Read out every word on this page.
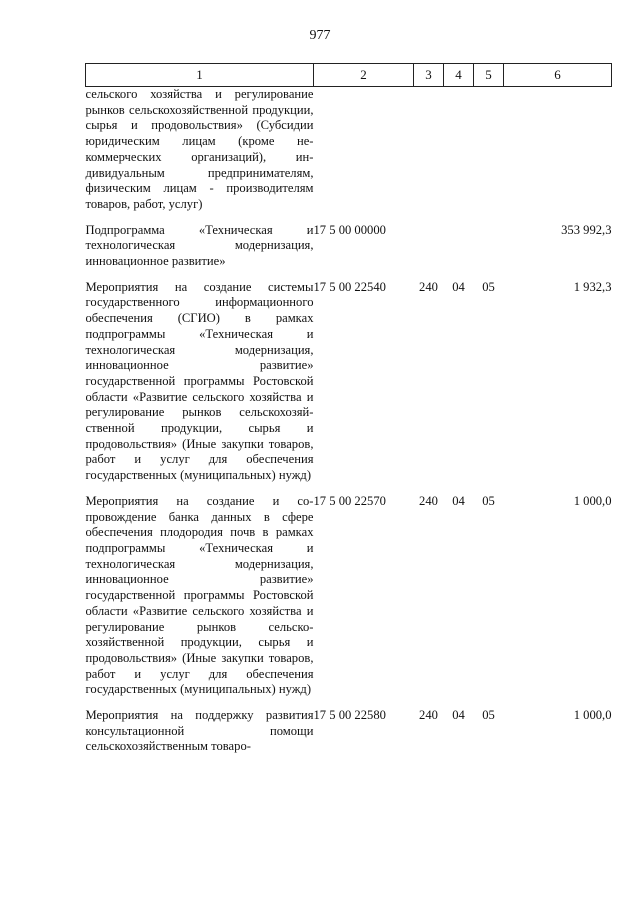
977
1	2	3	4	5	6
сельского хозяйства и регулирование рынков сельскохозяйственной продукции, сырья и продовольствия» (Субсидии юридическим лицам (кроме некоммерческих организаций), индивидуальным предпринимателям, физическим лицам - производителям товаров, работ, услуг)					

Подпрограмма «Техническая и технологическая модернизация, инновационное развитие»	17 5 00 00000				353 992,3

Мероприятия на создание системы государственного информационного обеспечения (СГИО) в рамках подпрограммы «Техническая и технологическая модернизация, инновационное развитие» государственной программы Ростовской области «Развитие сельского хозяйства и регулирование рынков сельскохозяйственной продукции, сырья и продовольствия» (Иные закупки товаров, работ и услуг для обеспечения государственных (муниципальных) нужд)	17 5 00 22540	240	04	05	1 932,3

Мероприятия на создание и сопровождение банка данных в сфере обеспечения плодородия почв в рамках подпрограммы «Техническая и технологическая модернизация, инновационное развитие» государственной программы Ростовской области «Развитие сельского хозяйства и регулирование рынков сельскохозяйственной продукции, сырья и продовольствия» (Иные закупки товаров, работ и услуг для обеспечения государственных (муниципальных) нужд)	17 5 00 22570	240	04	05	1 000,0

Мероприятия на поддержку развития консультационной помощи сельскохозяйственным товаро-	17 5 00 22580	240	04	05	1 000,0
